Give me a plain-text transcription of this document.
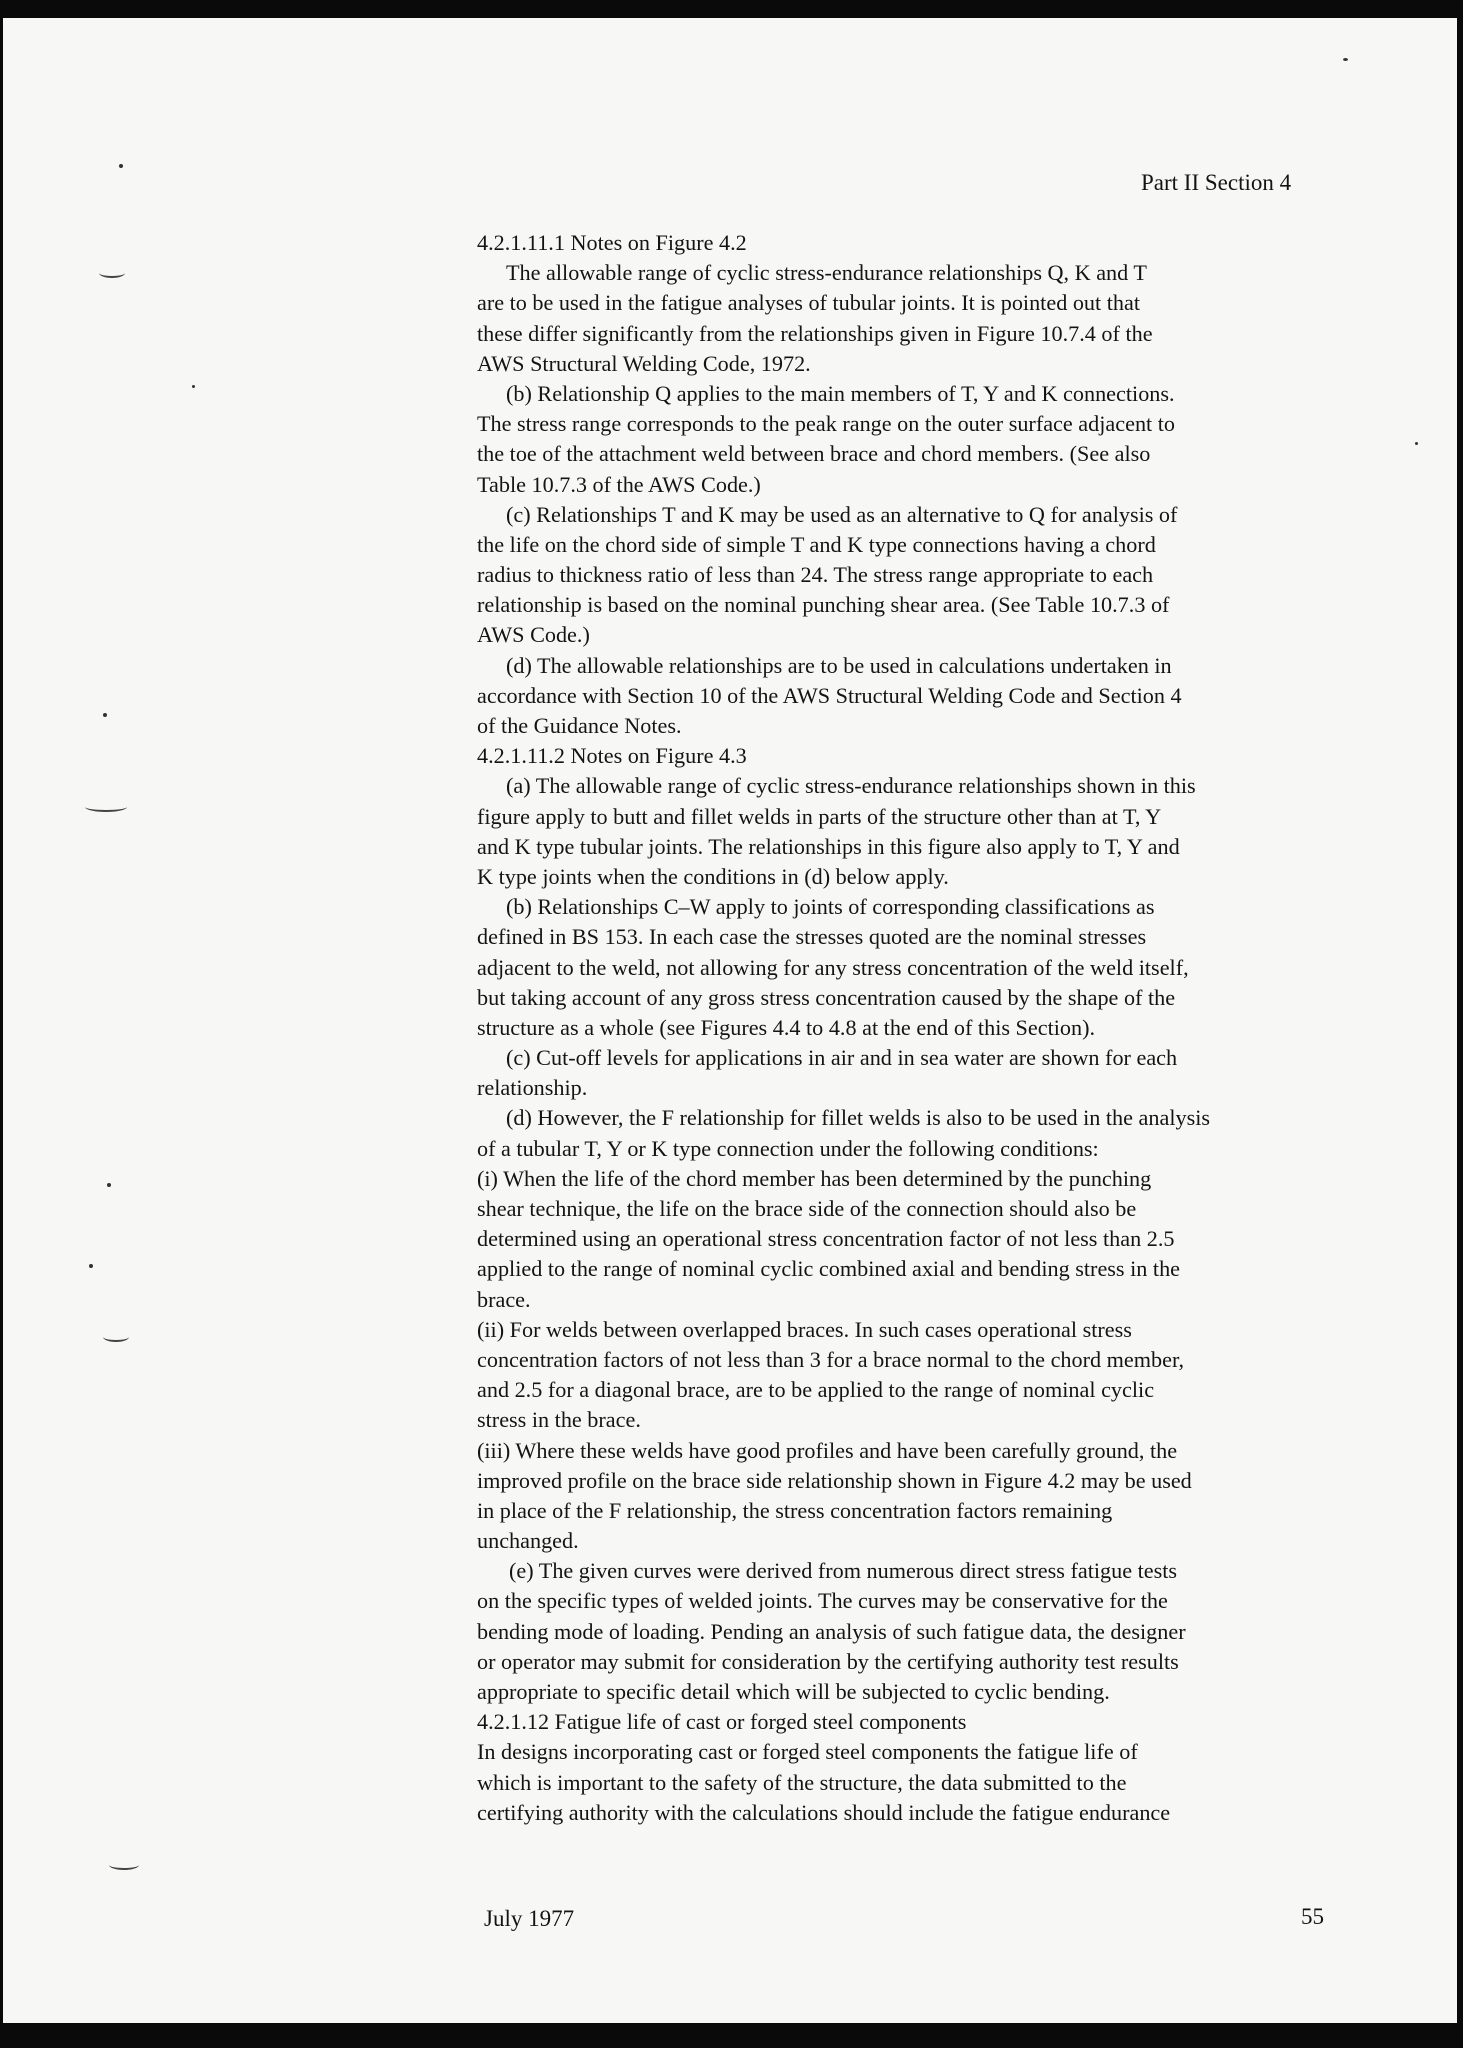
Part II Section 4
4.2.1.11.1 Notes on Figure 4.2
The allowable range of cyclic stress-endurance relationships Q, K and T
are to be used in the fatigue analyses of tubular joints. It is pointed out that
these differ significantly from the relationships given in Figure 10.7.4 of the
AWS Structural Welding Code, 1972.
(b) Relationship Q applies to the main members of T, Y and K connections.
The stress range corresponds to the peak range on the outer surface adjacent to
the toe of the attachment weld between brace and chord members. (See also
Table 10.7.3 of the AWS Code.)
(c) Relationships T and K may be used as an alternative to Q for analysis of
the life on the chord side of simple T and K type connections having a chord
radius to thickness ratio of less than 24. The stress range appropriate to each
relationship is based on the nominal punching shear area. (See Table 10.7.3 of
AWS Code.)
(d) The allowable relationships are to be used in calculations undertaken in
accordance with Section 10 of the AWS Structural Welding Code and Section 4
of the Guidance Notes.
4.2.1.11.2 Notes on Figure 4.3
(a) The allowable range of cyclic stress-endurance relationships shown in this
figure apply to butt and fillet welds in parts of the structure other than at T, Y
and K type tubular joints. The relationships in this figure also apply to T, Y and
K type joints when the conditions in (d) below apply.
(b) Relationships C–W apply to joints of corresponding classifications as
defined in BS 153. In each case the stresses quoted are the nominal stresses
adjacent to the weld, not allowing for any stress concentration of the weld itself,
but taking account of any gross stress concentration caused by the shape of the
structure as a whole (see Figures 4.4 to 4.8 at the end of this Section).
(c) Cut-off levels for applications in air and in sea water are shown for each
relationship.
(d) However, the F relationship for fillet welds is also to be used in the analysis
of a tubular T, Y or K type connection under the following conditions:
(i) When the life of the chord member has been determined by the punching
shear technique, the life on the brace side of the connection should also be
determined using an operational stress concentration factor of not less than 2.5
applied to the range of nominal cyclic combined axial and bending stress in the
brace.
(ii) For welds between overlapped braces. In such cases operational stress
concentration factors of not less than 3 for a brace normal to the chord member,
and 2.5 for a diagonal brace, are to be applied to the range of nominal cyclic
stress in the brace.
(iii) Where these welds have good profiles and have been carefully ground, the
improved profile on the brace side relationship shown in Figure 4.2 may be used
in place of the F relationship, the stress concentration factors remaining
unchanged.
(e) The given curves were derived from numerous direct stress fatigue tests
on the specific types of welded joints. The curves may be conservative for the
bending mode of loading. Pending an analysis of such fatigue data, the designer
or operator may submit for consideration by the certifying authority test results
appropriate to specific detail which will be subjected to cyclic bending.
4.2.1.12 Fatigue life of cast or forged steel components
In designs incorporating cast or forged steel components the fatigue life of
which is important to the safety of the structure, the data submitted to the
certifying authority with the calculations should include the fatigue endurance
July 1977	55
